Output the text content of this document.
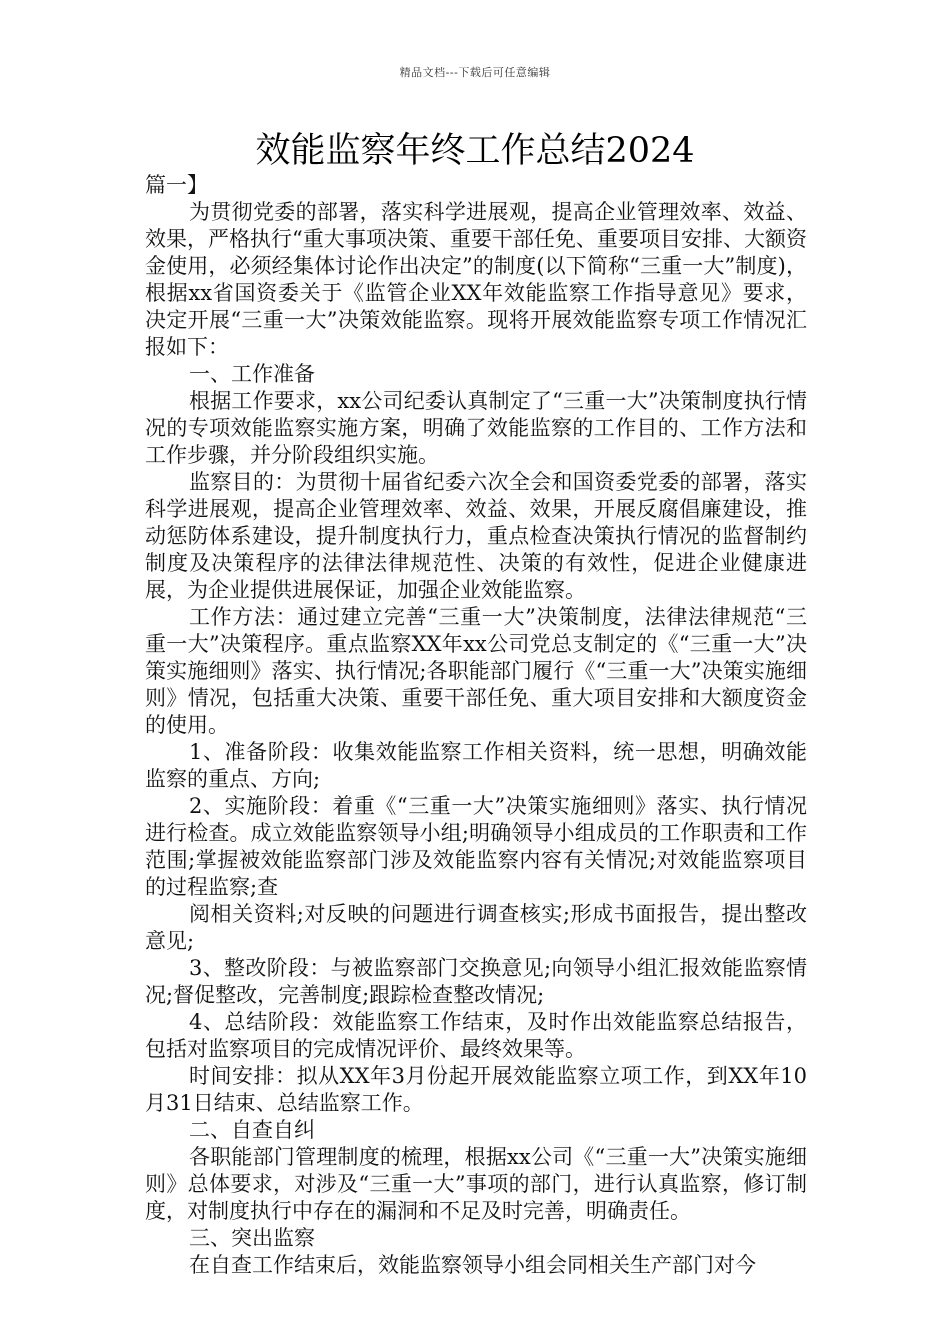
精品文档---下载后可任意编辑
效能监察年终工作总结2024

篇一】

为贯彻党委的部署，落实科学进展观，提高企业管理效率、效益、效果，严格执行“重大事项决策、重要干部任免、重要项目安排、大额资金使用，必须经集体讨论作出决定”的制度(以下简称“三重一大”制度)，根据xx省国资委关于《监管企业XX年效能监察工作指导意见》要求，决定开展“三重一大”决策效能监察。现将开展效能监察专项工作情况汇报如下：

一、工作准备

根据工作要求，xx公司纪委认真制定了“三重一大”决策制度执行情况的专项效能监察实施方案，明确了效能监察的工作目的、工作方法和工作步骤，并分阶段组织实施。

监察目的：为贯彻十届省纪委六次全会和国资委党委的部署，落实科学进展观，提高企业管理效率、效益、效果，开展反腐倡廉建设，推动惩防体系建设，提升制度执行力，重点检查决策执行情况的监督制约制度及决策程序的法律法律规范性、决策的有效性，促进企业健康进展，为企业提供进展保证，加强企业效能监察。

工作方法：通过建立完善“三重一大”决策制度，法律法律规范“三重一大”决策程序。重点监察XX年xx公司党总支制定的《“三重一大”决策实施细则》落实、执行情况;各职能部门履行《“三重一大”决策实施细则》情况，包括重大决策、重要干部任免、重大项目安排和大额度资金的使用。

1、准备阶段：收集效能监察工作相关资料，统一思想，明确效能监察的重点、方向;

2、实施阶段：着重《“三重一大”决策实施细则》落实、执行情况进行检查。成立效能监察领导小组;明确领导小组成员的工作职责和工作范围;掌握被效能监察部门涉及效能监察内容有关情况;对效能监察项目的过程监察;查

阅相关资料;对反映的问题进行调查核实;形成书面报告，提出整改意见;

3、整改阶段：与被监察部门交换意见;向领导小组汇报效能监察情况;督促整改，完善制度;跟踪检查整改情况;

4、总结阶段：效能监察工作结束，及时作出效能监察总结报告，包括对监察项目的完成情况评价、最终效果等。

时间安排：拟从XX年3月份起开展效能监察立项工作，到XX年10月31日结束、总结监察工作。

二、自查自纠

各职能部门管理制度的梳理，根据xx公司《“三重一大”决策实施细则》总体要求，对涉及“三重一大”事项的部门，进行认真监察，修订制度，对制度执行中存在的漏洞和不足及时完善，明确责任。

三、突出监察

在自查工作结束后，效能监察领导小组会同相关生产部门对今
